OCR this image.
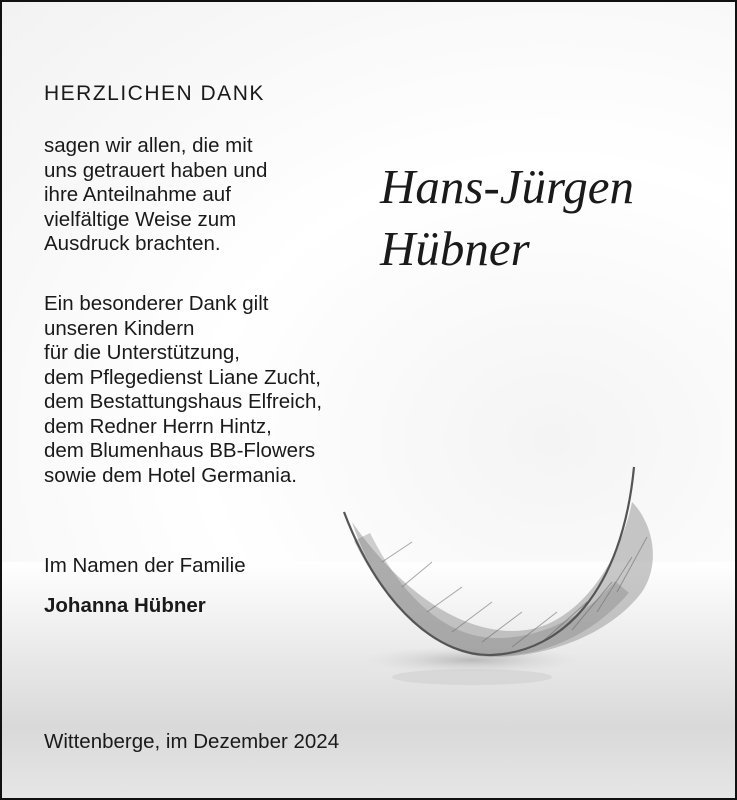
HERZLICHEN DANK
sagen wir allen, die mit
uns getrauert haben und
ihre Anteilnahme auf
vielfältige Weise zum
Ausdruck brachten.
Ein besonderer Dank gilt
unseren Kindern
für die Unterstützung,
dem Pflegedienst Liane Zucht,
dem Bestattungshaus Elfreich,
dem Redner Herrn Hintz,
dem Blumenhaus BB-Flowers
sowie dem Hotel Germania.
Im Namen der Familie
Johanna Hübner
Hans-Jürgen
Hübner
Wittenberge, im Dezember 2024
